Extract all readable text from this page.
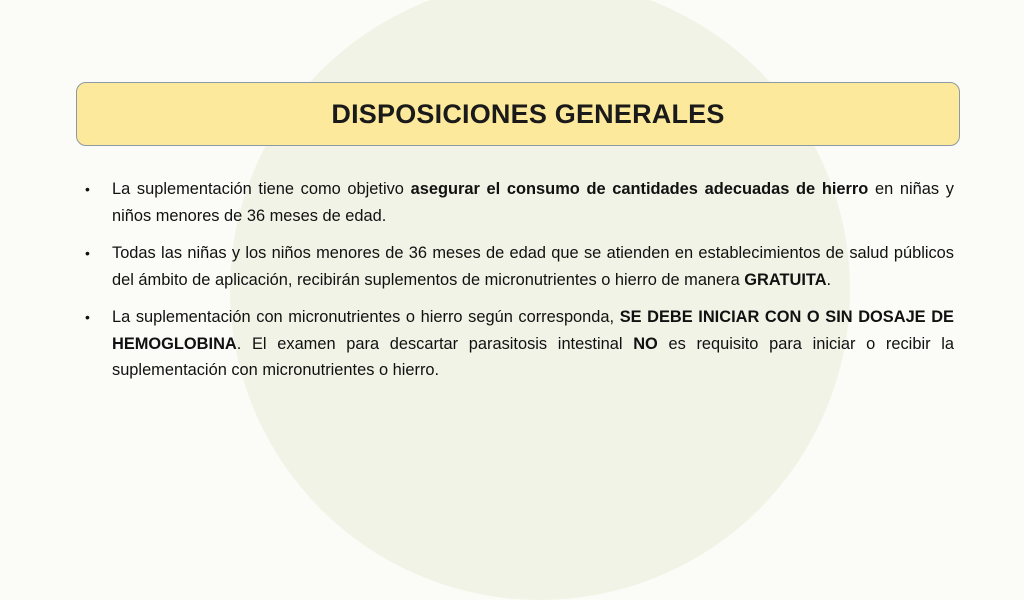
DISPOSICIONES GENERALES
• La suplementación tiene como objetivo asegurar el consumo de cantidades adecuadas de hierro en niñas y niños menores de 36 meses de edad.
• Todas las niñas y los niños menores de 36 meses de edad que se atienden en establecimientos de salud públicos del ámbito de aplicación, recibirán suplementos de micronutrientes o hierro de manera GRATUITA.
• La suplementación con micronutrientes o hierro según corresponda, SE DEBE INICIAR CON O SIN DOSAJE DE HEMOGLOBINA. El examen para descartar parasitosis intestinal NO es requisito para iniciar o recibir la suplementación con micronutrientes o hierro.
